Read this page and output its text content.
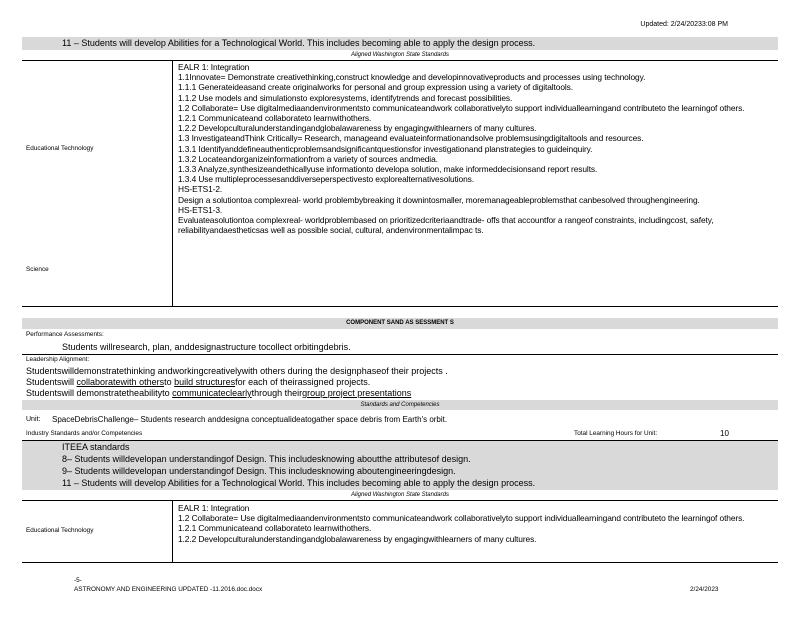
Updated: 2/24/20233:08 PM
11 – Students will develop Abilities for a Technological World. This includes becoming able to apply the design process.
Aligned Washington State Standards
Educational Technology
Science
EALR 1: Integration
1.1Innovate= Demonstrate creativethinking,construct knowledge and developinnovativeproducts and processes using technology.
1.1.1 Generateideasand create originalworks for personal and group expression using a variety of digitaltools.
1.1.2 Use models and simulationsto exploresystems, identifytrends and forecast possibilities.
1.2 Collaborate= Use digitalmediaandenvironmentsto communicateandwork collaborativelyto support individuallearningand contributeto the learningof others.
1.2.1 Communicateand collaborateto learnwithothers.
1.2.2 Developculturalunderstandingandglobalawareness by engagingwithlearners of many cultures.
1.3 InvestigateandThink Critically= Research, manageand evaluateinformationandsolve problemsusingdigitaltools and resources.
1.3.1 Identifyanddefineauthenticproblemsandsignificantquestionsfor investigationand planstrategies to guideinquiry.
1.3.2 Locateandorganizeinformationfrom a variety of sources andmedia.
1.3.3 Analyze,synthesizeandethicallyuse informationto developa solution, make informeddecisionsand report results.
1.3.4 Use multipleprocessesanddiverseperspectivesto explorealternativesolutions.
HS-ETS1-2.
Design a solutiontoa complexreal- world problembybreaking it downintosmaller, moremanageableproblemsthat canbesolved throughengineering.
HS-ETS1-3.
Evaluateasolutiontoa complexreal- worldproblembased on prioritizedcriteriaandtrade- offs that accountfor a rangeof constraints, includingcost, safety, reliabilityandaestheticsas well as possible social, cultural, andenvironmentalimpac ts.
COMPONENT SAND AS SESSMENT S
Performance Assessments:
Students willresearch, plan, anddesignastructure tocollect orbitingdebris.
Leadership Alignment:
Studentswilldemonstratethinking andworkingcreativelywith others during the designphaseof their projects .
Studentswill collaboratewith othersto build structuresfor each of theirassigned projects.
Studentswill demonstratetheabilityto communicateclearlythrough theirgroup project presentations
Standards and Competencies
Unit: SpaceDebrisChallenge– Students research anddesigna conceptualideatogather space debris from Earth's orbit.
Industry Standards and/or Competencies	Total Learning Hours for Unit:	10
ITEEA standards
8– Students willdevelopan understandingof Design. This includesknowing aboutthe attributesof design.
9– Students willdevelopan understandingof Design. This includesknowing aboutengineeringdesign.
11 – Students will develop Abilities for a Technological World. This includes becoming able to apply the design process.
Aligned Washington State Standards
Educational Technology
EALR 1: Integration
1.2 Collaborate= Use digitalmediaandenvironmentsto communicateandwork collaborativelyto support individuallearningand contributeto the learningof others.
1.2.1 Communicateand collaborateto learnwithothers.
1.2.2 Developculturalunderstandingandglobalawareness by engagingwithlearners of many cultures.
-5-
ASTRONOMY AND ENGINEERING UPDATED -11.2016.doc.docx	2/24/2023
